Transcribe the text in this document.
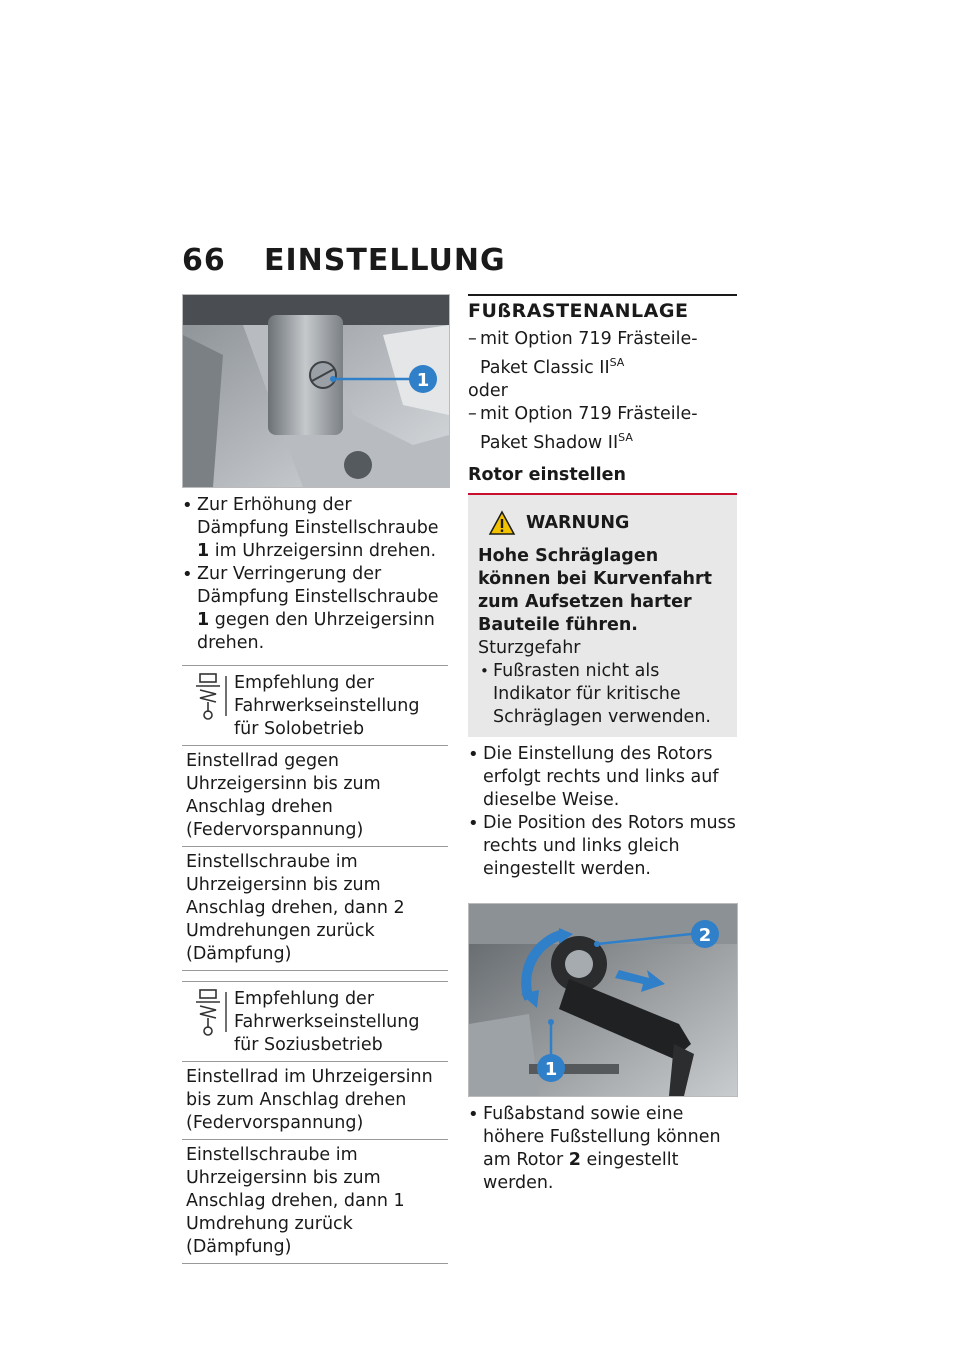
66	EINSTELLUNG
1
• Zur Erhöhung der Dämpfung Einstellschraube 1 im Uhrzeigersinn drehen.
• Zur Verringerung der Dämpfung Einstellschraube 1 gegen den Uhrzeigersinn drehen.
Empfehlung der Fahrwerkseinstellung für Solobetrieb
Einstellrad gegen Uhrzeigersinn bis zum Anschlag drehen (Federvorspannung)
Einstellschraube im Uhrzeigersinn bis zum Anschlag drehen, dann 2 Umdrehungen zurück (Dämpfung)
Empfehlung der Fahrwerkseinstellung für Soziusbetrieb
Einstellrad im Uhrzeigersinn bis zum Anschlag drehen (Federvorspannung)
Einstellschraube im Uhrzeigersinn bis zum Anschlag drehen, dann 1 Umdrehung zurück (Dämpfung)
FUßRASTENANLAGE
– mit Option 719 Frästeile-Paket Classic $II^{SA}$
oder
– mit Option 719 Frästeile-Paket Shadow $II^{SA}$
Rotor einstellen
WARNUNG
Hohe Schräglagen können bei Kurvenfahrt zum Aufsetzen harter Bauteile führen.
Sturzgefahr
• Fußrasten nicht als Indikator für kritische Schräglagen verwenden.
• Die Einstellung des Rotors erfolgt rechts und links auf dieselbe Weise.
• Die Position des Rotors muss rechts und links gleich eingestellt werden.
2
1
• Fußabstand sowie eine höhere Fußstellung können am Rotor 2 eingestellt werden.
